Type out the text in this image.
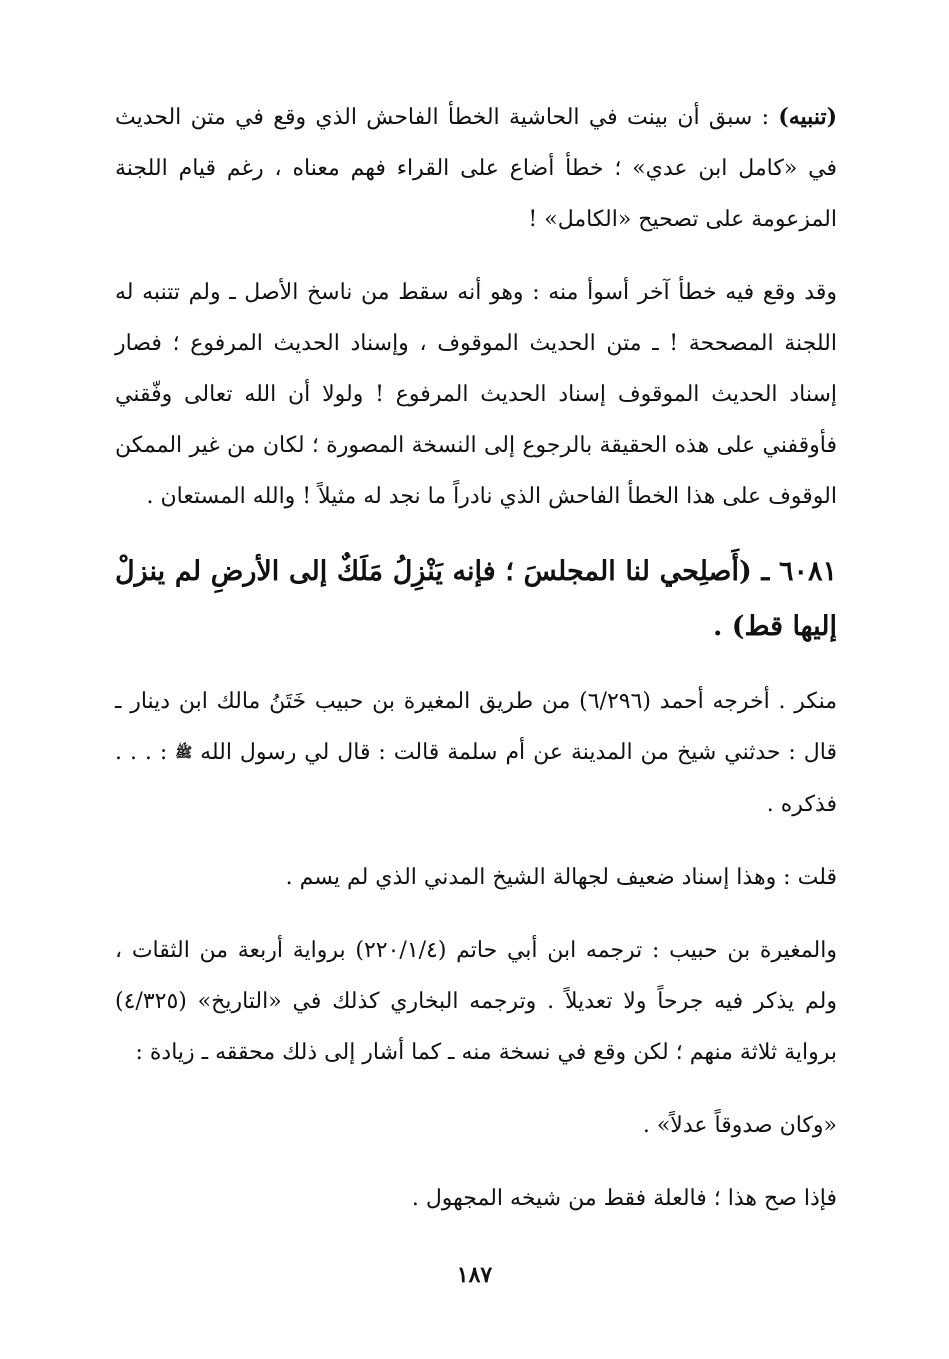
(تنبيه) : سبق أن بينت في الحاشية الخطأ الفاحش الذي وقع في متن الحديث في «كامل ابن عدي» ؛ خطأ أضاع على القراء فهم معناه ، رغم قيام اللجنة المزعومة على تصحيح «الكامل» !

وقد وقع فيه خطأ آخر أسوأ منه : وهو أنه سقط من ناسخ الأصل ـ ولم تتنبه له اللجنة المصححة ! ـ متن الحديث الموقوف ، وإسناد الحديث المرفوع ؛ فصار إسناد الحديث الموقوف إسناد الحديث المرفوع ! ولولا أن الله تعالى وفّقني فأوقفني على هذه الحقيقة بالرجوع إلى النسخة المصورة ؛ لكان من غير الممكن الوقوف على هذا الخطأ الفاحش الذي نادراً ما نجد له مثيلاً ! والله المستعان .

٦٠٨١ ـ (أَصلِحي لنا المجلسَ ؛ فإنه يَنْزِلُ مَلَكٌ إلى الأرضِ لم ينزلْ إليها قط) .

منكر . أخرجه أحمد (٦/٢٩٦) من طريق المغيرة بن حبيب خَتَنُ مالك ابن دينار ـ قال : حدثني شيخ من المدينة عن أم سلمة قالت : قال لي رسول الله ﷺ : . . . فذكره .

قلت : وهذا إسناد ضعيف لجهالة الشيخ المدني الذي لم يسم .

والمغيرة بن حبيب : ترجمه ابن أبي حاتم (٢٢٠/١/٤) برواية أربعة من الثقات ، ولم يذكر فيه جرحاً ولا تعديلاً . وترجمه البخاري كذلك في «التاريخ» (٤/٣٢٥) برواية ثلاثة منهم ؛ لكن وقع في نسخة منه ـ كما أشار إلى ذلك محققه ـ زيادة :

«وكان صدوقاً عدلاً» .

فإذا صح هذا ؛ فالعلة فقط من شيخه المجهول .

١٨٧
